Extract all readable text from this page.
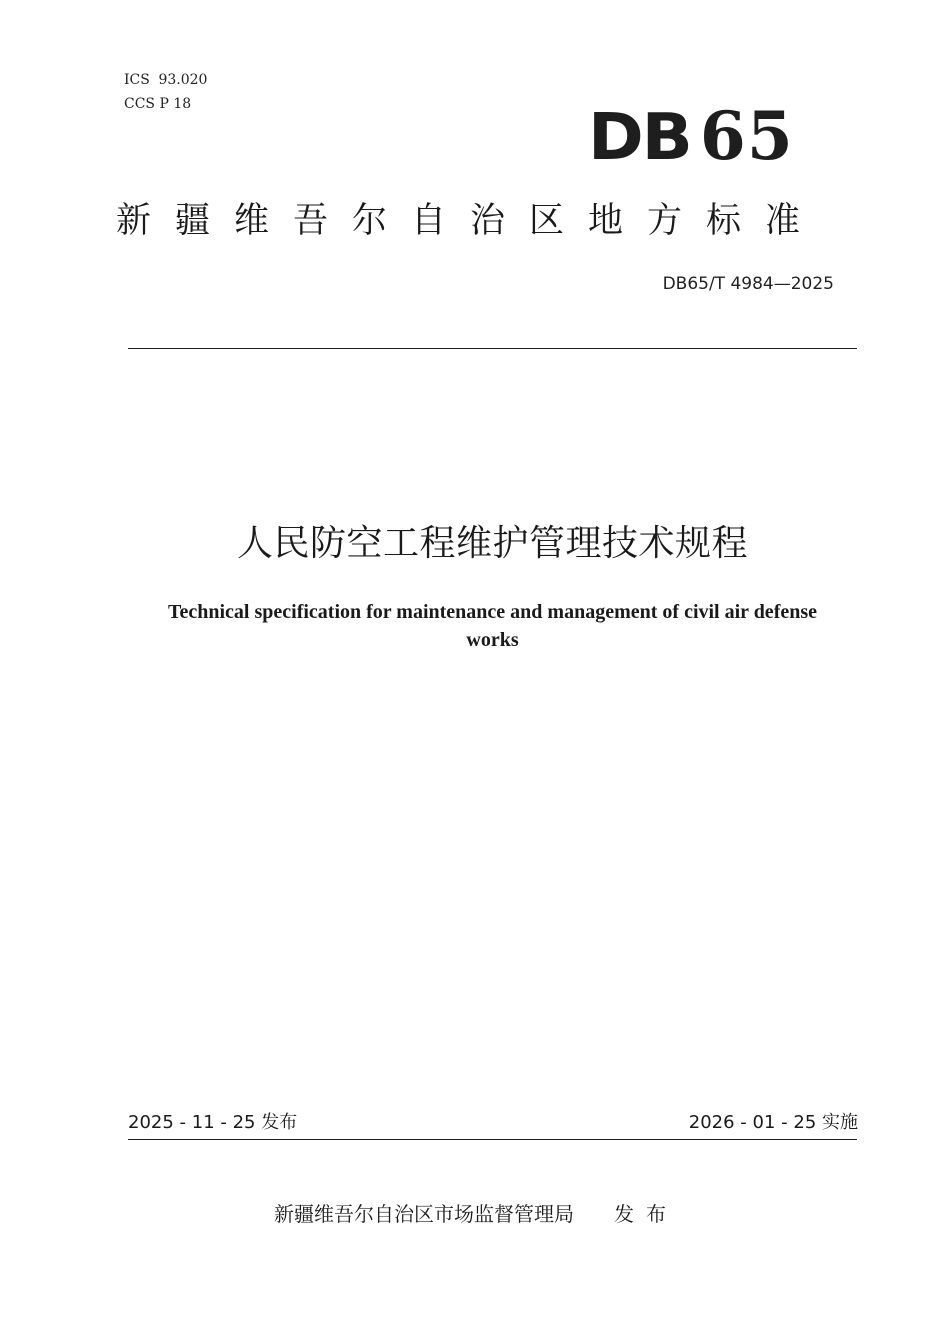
ICS 93.020
CCS P 18	DB 65
新疆维吾尔自治区地方标准
DB65/T 4984—2025
人民防空工程维护管理技术规程
Technical specification for maintenance and management of civil air defense works
2025 - 11 - 25 发布	2026 - 01 - 25 实施
新疆维吾尔自治区市场监督管理局 发布
